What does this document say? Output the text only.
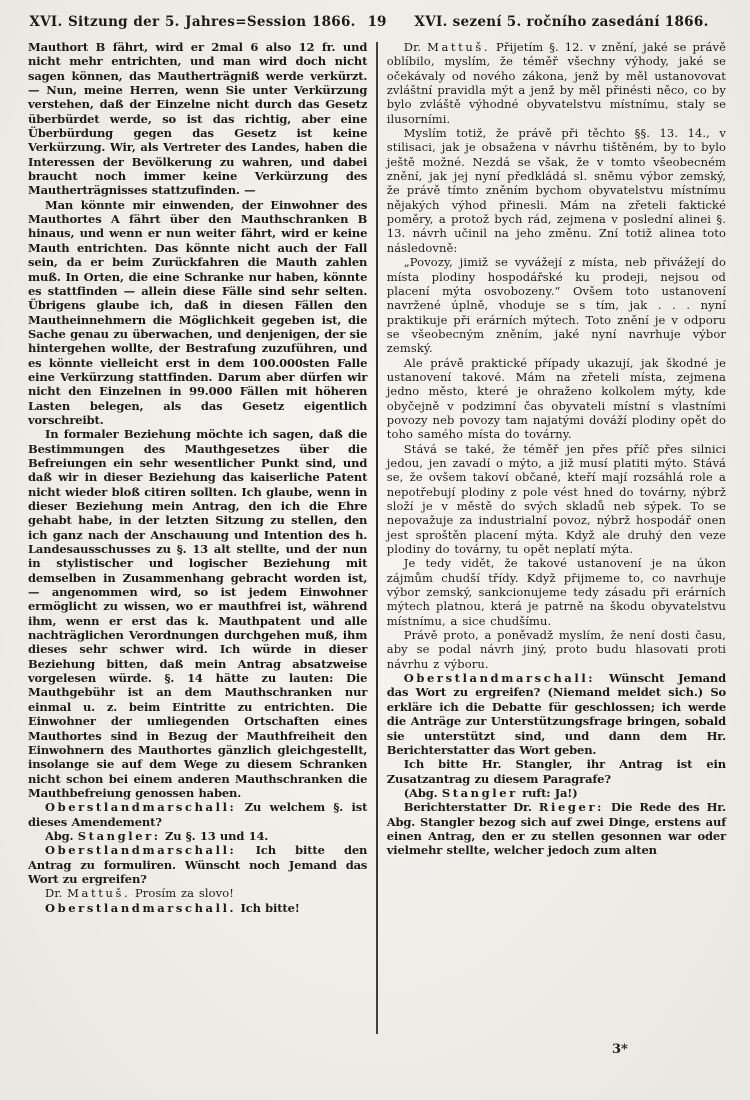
XVI. Sitzung der 5. Jahres=Session 1866. 19	XVI. sezení 5. ročního zasedání 1866.

Mauthort B fährt, wird er 2mal 6 also 12 fr. und nicht mehr entrichten, und man wird doch nicht sagen können, das Mautherträgniß werde verkürzt. — Nun, meine Herren, wenn Sie unter Verkürzung verstehen, daß der Einzelne nicht durch das Gesetz überbürdet werde, so ist das richtig, aber eine Überbürdung gegen das Gesetz ist keine Verkürzung. Wir, als Vertreter des Landes, haben die Interessen der Bevölkerung zu wahren, und dabei braucht noch immer keine Verkürzung des Mautherträgnisses stattzufinden. —

Man könnte mir einwenden, der Einwohner des Mauthortes A fährt über den Mauthschranken B hinaus, und wenn er nun weiter fährt, wird er keine Mauth entrichten. Das könnte nicht auch der Fall sein, da er beim Zurückfahren die Mauth zahlen muß. In Orten, die eine Schranke nur haben, könnte es stattfinden — allein diese Fälle sind sehr selten. Übrigens glaube ich, daß in diesen Fällen den Mautheinnehmern die Möglichkeit gegeben ist, die Sache genau zu überwachen, und denjenigen, der sie hintergehen wollte, der Bestrafung zuzuführen, und es könnte vielleicht erst in dem 100.000sten Falle eine Verkürzung stattfinden. Darum aber dürfen wir nicht den Einzelnen in 99.000 Fällen mit höheren Lasten belegen, als das Gesetz eigentlich vorschreibt.

In formaler Beziehung möchte ich sagen, daß die Bestimmungen des Mauthgesetzes über die Befreiungen ein sehr wesentlicher Punkt sind, und daß wir in dieser Beziehung das kaiserliche Patent nicht wieder bloß citiren sollten. Ich glaube, wenn in dieser Beziehung mein Antrag, den ich die Ehre gehabt habe, in der letzten Sitzung zu stellen, den ich ganz nach der Anschauung und Intention des h. Landesausschusses zu §. 13 alt stellte, und der nun in stylistischer und logischer Beziehung mit demselben in Zusammenhang gebracht worden ist, — angenommen wird, so ist jedem Einwohner ermöglicht zu wissen, wo er mauthfrei ist, während ihm, wenn er erst das k. Mauthpatent und alle nachträglichen Verordnungen durchgehen muß, ihm dieses sehr schwer wird. Ich würde in dieser Beziehung bitten, daß mein Antrag absatzweise vorgelesen würde. §. 14 hätte zu lauten: Die Mauthgebühr ist an dem Mauthschranken nur einmal u. z. beim Eintritte zu entrichten. Die Einwohner der umliegenden Ortschaften eines Mauthortes sind in Bezug der Mauthfreiheit den Einwohnern des Mauthortes gänzlich gleichgestellt, insolange sie auf dem Wege zu diesem Schranken nicht schon bei einem anderen Mauthschranken die Mauthbefreiung genossen haben.

Oberstlandmarschall: Zu welchem §. ist dieses Amendement?

Abg. Stangler: Zu §. 13 und 14.

Oberstlandmarschall: Ich bitte den Antrag zu formuliren. Wünscht noch Jemand das Wort zu ergreifen?

Dr. Mattuš. Prosím za slovo!

Oberstlandmarschall. Ich bitte!

Dr. Mattuš. Přijetím §. 12. v znění, jaké se právě oblíbilo, myslím, že téměř všechny výhody, jaké se očekávaly od nového zákona, jenž by měl ustanovovat zvláštní pravidla mýt a jenž by měl přinésti něco, co by bylo zvláště výhodné obyvatelstvu místnímu, staly se ilusorními.

Myslím totiž, že právě při těchto §§. 13. 14., v stilisaci, jak je obsažena v návrhu tištěném, by to bylo ještě možné. Nezdá se však, že v tomto všeobecném znění, jak jej nyní předkládá sl. sněmu výbor zemský, že právě tímto zněním bychom obyvatelstvu místnímu nějakých výhod přinesli. Mám na zřeteli faktické poměry, a protož bych rád, zejmena v poslední alinei §. 13. návrh učinil na jeho změnu. Zní totiž alinea toto následovně:

„Povozy, jimiž se vyvážejí z místa, neb přivážejí do místa plodiny hospodářské ku prodeji, nejsou od placení mýta osvobozeny.“ Ovšem toto ustanovení navržené úplně, vhoduje se s tím, jak . . . nyní praktikuje při erárních mýtech. Toto znění je v odporu se všeobecným zněním, jaké nyní navrhuje výbor zemský.

Ale právě praktické případy ukazují, jak škodné je ustanovení takové. Mám na zřeteli místa, zejmena jedno město, které je ohraženo kolkolem mýty, kde obyčejně v podzimní čas obyvateli místní s vlastními povozy neb povozy tam najatými dováží plodiny opět do toho samého místa do továrny.

Stává se také, že téměř jen přes příč přes silnici jedou, jen zavadí o mýto, a již musí platiti mýto. Stává se, že ovšem takoví občané, kteří mají rozsáhlá role a nepotřebují plodiny z pole vést hned do továrny, nýbrž složí je v městě do svých skladů neb sýpek. To se nepovažuje za industrialní povoz, nýbrž hospodář onen jest sproštěn placení mýta. Když ale druhý den veze plodiny do továrny, tu opět neplatí mýta.

Je tedy vidět, že takové ustanovení je na úkon zájmům chudší třídy. Když přijmeme to, co navrhuje výbor zemský, sankcionujeme tedy zásadu při erárních mýtech platnou, která je patrně na škodu obyvatelstvu místnímu, a sice chudšímu.

Právě proto, a poněvadž myslím, že není dosti času, aby se podal návrh jiný, proto budu hlasovati proti návrhu z výboru.

Oberstlandmarschall: Wünscht Jemand das Wort zu ergreifen? (Niemand meldet sich.) So erkläre ich die Debatte für geschlossen; ich werde die Anträge zur Unterstützungsfrage bringen, sobald sie unterstützt sind, und dann dem Hr. Berichterstatter das Wort geben.

Ich bitte Hr. Stangler, ihr Antrag ist ein Zusatzantrag zu diesem Paragrafe?

(Abg. Stangler ruft: Ja!)

Berichterstatter Dr. Rieger: Die Rede des Hr. Abg. Stangler bezog sich auf zwei Dinge, erstens auf einen Antrag, den er zu stellen gesonnen war oder vielmehr stellte, welcher jedoch zum alten

3*
